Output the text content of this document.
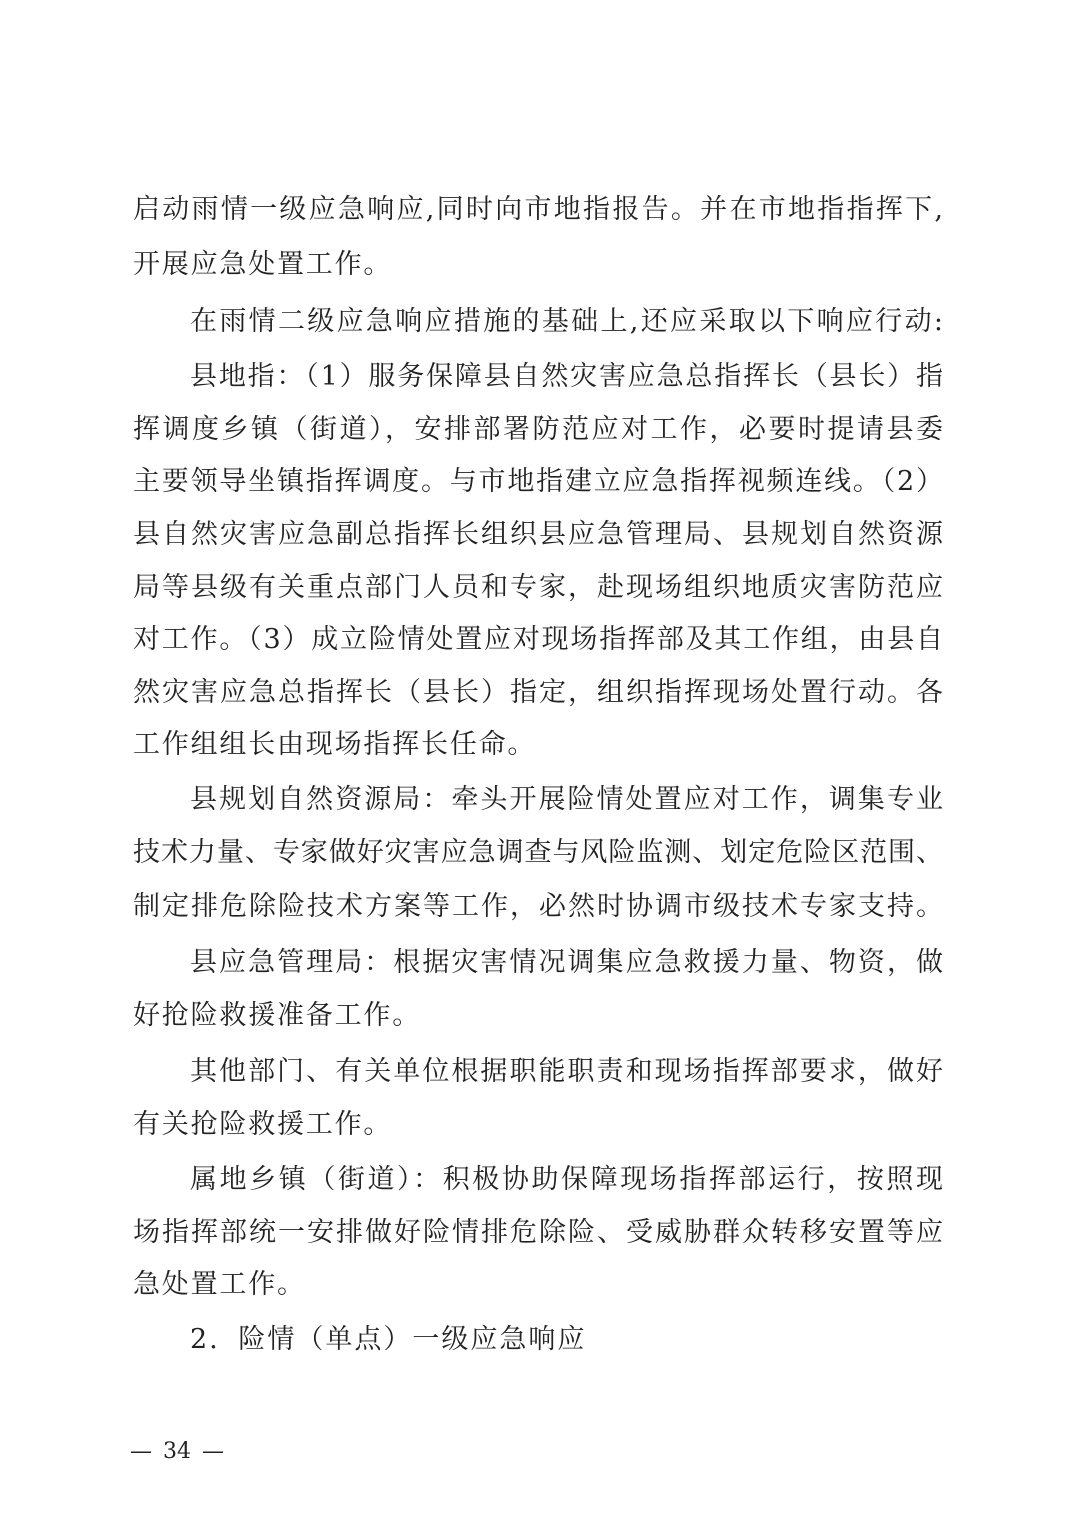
启动雨情一级应急响应,同时向市地指报告。并在市地指指挥下,
开展应急处置工作。
在雨情二级应急响应措施的基础上,还应采取以下响应行动:
县地指：（1）服务保障县自然灾害应急总指挥长（县长）指
挥调度乡镇（街道），安排部署防范应对工作，必要时提请县委
主要领导坐镇指挥调度。与市地指建立应急指挥视频连线。（2）
县自然灾害应急副总指挥长组织县应急管理局、县规划自然资源
局等县级有关重点部门人员和专家，赴现场组织地质灾害防范应
对工作。（3）成立险情处置应对现场指挥部及其工作组，由县自
然灾害应急总指挥长（县长）指定，组织指挥现场处置行动。各
工作组组长由现场指挥长任命。
县规划自然资源局：牵头开展险情处置应对工作，调集专业
技术力量、专家做好灾害应急调查与风险监测、划定危险区范围、
制定排危除险技术方案等工作，必然时协调市级技术专家支持。
县应急管理局：根据灾害情况调集应急救援力量、物资，做
好抢险救援准备工作。
其他部门、有关单位根据职能职责和现场指挥部要求，做好
有关抢险救援工作。
属地乡镇（街道）：积极协助保障现场指挥部运行，按照现
场指挥部统一安排做好险情排危除险、受威胁群众转移安置等应
急处置工作。
2. 险情（单点）一级应急响应
— 34 —
